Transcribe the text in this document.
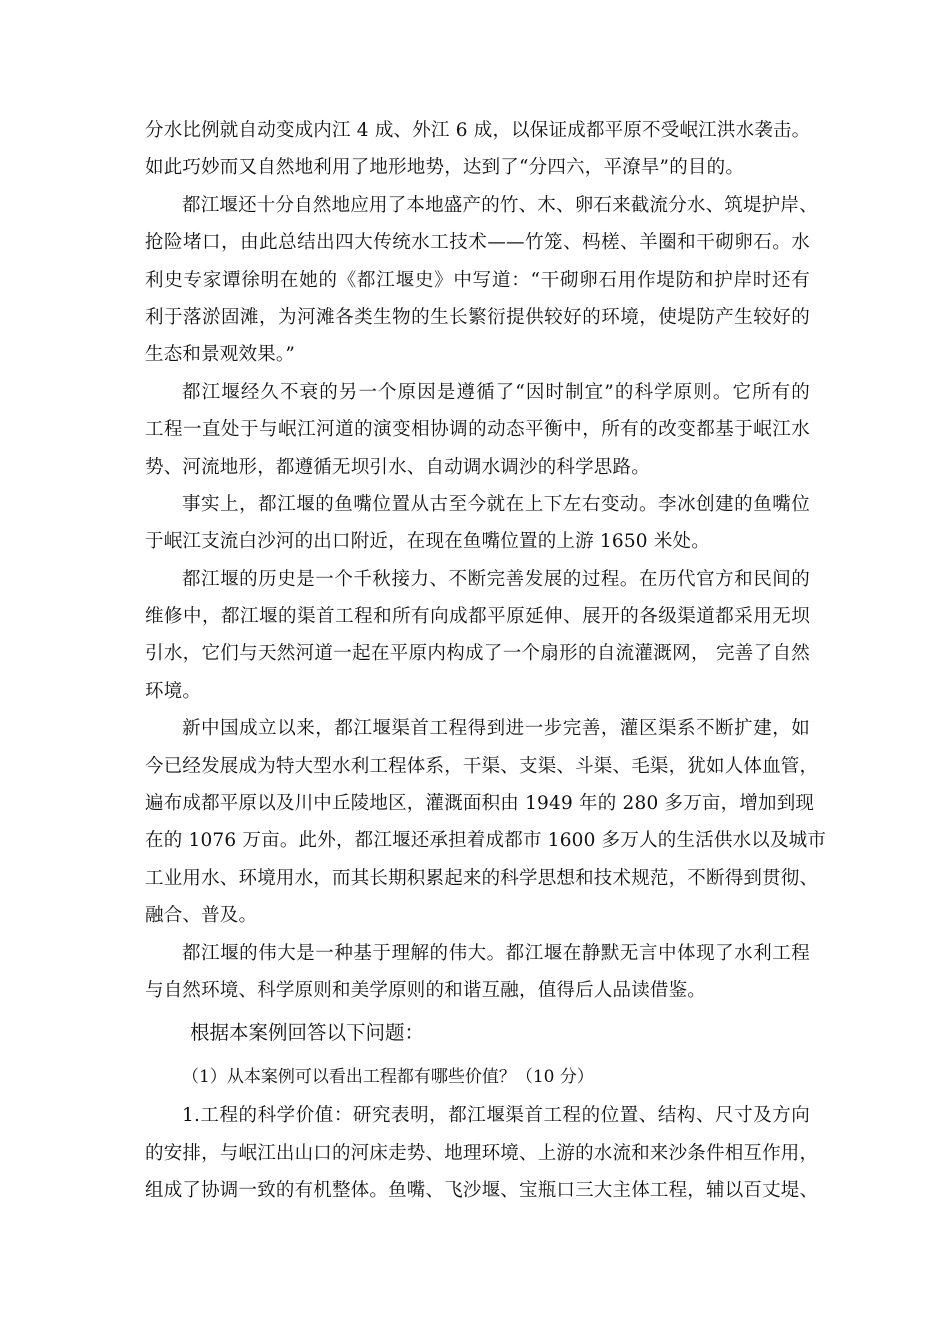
分水比例就自动变成内江 4 成、外江 6 成，以保证成都平原不受岷江洪水袭击。
如此巧妙而又自然地利用了地形地势，达到了“分四六，平潦旱”的目的。
都江堰还十分自然地应用了本地盛产的竹、木、卵石来截流分水、筑堤护岸、
抢险堵口，由此总结出四大传统水工技术——竹笼、杩槎、羊圈和干砌卵石。水
利史专家谭徐明在她的《都江堰史》中写道：“干砌卵石用作堤防和护岸时还有
利于落淤固滩，为河滩各类生物的生长繁衍提供较好的环境，使堤防产生较好的
生态和景观效果。”
都江堰经久不衰的另一个原因是遵循了“因时制宜”的科学原则。它所有的
工程一直处于与岷江河道的演变相协调的动态平衡中，所有的改变都基于岷江水
势、河流地形，都遵循无坝引水、自动调水调沙的科学思路。
事实上，都江堰的鱼嘴位置从古至今就在上下左右变动。李冰创建的鱼嘴位
于岷江支流白沙河的出口附近，在现在鱼嘴位置的上游 1650 米处。
都江堰的历史是一个千秋接力、不断完善发展的过程。在历代官方和民间的
维修中，都江堰的渠首工程和所有向成都平原延伸、展开的各级渠道都采用无坝
引水，它们与天然河道一起在平原内构成了一个扇形的自流灌溉网， 完善了自然
环境。
新中国成立以来，都江堰渠首工程得到进一步完善，灌区渠系不断扩建，如
今已经发展成为特大型水利工程体系，干渠、支渠、斗渠、毛渠，犹如人体血管，
遍布成都平原以及川中丘陵地区，灌溉面积由 1949 年的 280 多万亩，增加到现
在的 1076 万亩。此外，都江堰还承担着成都市 1600 多万人的生活供水以及城市
工业用水、环境用水，而其长期积累起来的科学思想和技术规范，不断得到贯彻、
融合、普及。
都江堰的伟大是一种基于理解的伟大。都江堰在静默无言中体现了水利工程
与自然环境、科学原则和美学原则的和谐互融，值得后人品读借鉴。
根据本案例回答以下问题：
（1）从本案例可以看出工程都有哪些价值？（10 分）
1.工程的科学价值：研究表明，都江堰渠首工程的位置、结构、尺寸及方向
的安排，与岷江出山口的河床走势、地理环境、上游的水流和来沙条件相互作用，
组成了协调一致的有机整体。鱼嘴、飞沙堰、宝瓶口三大主体工程，辅以百丈堤、
